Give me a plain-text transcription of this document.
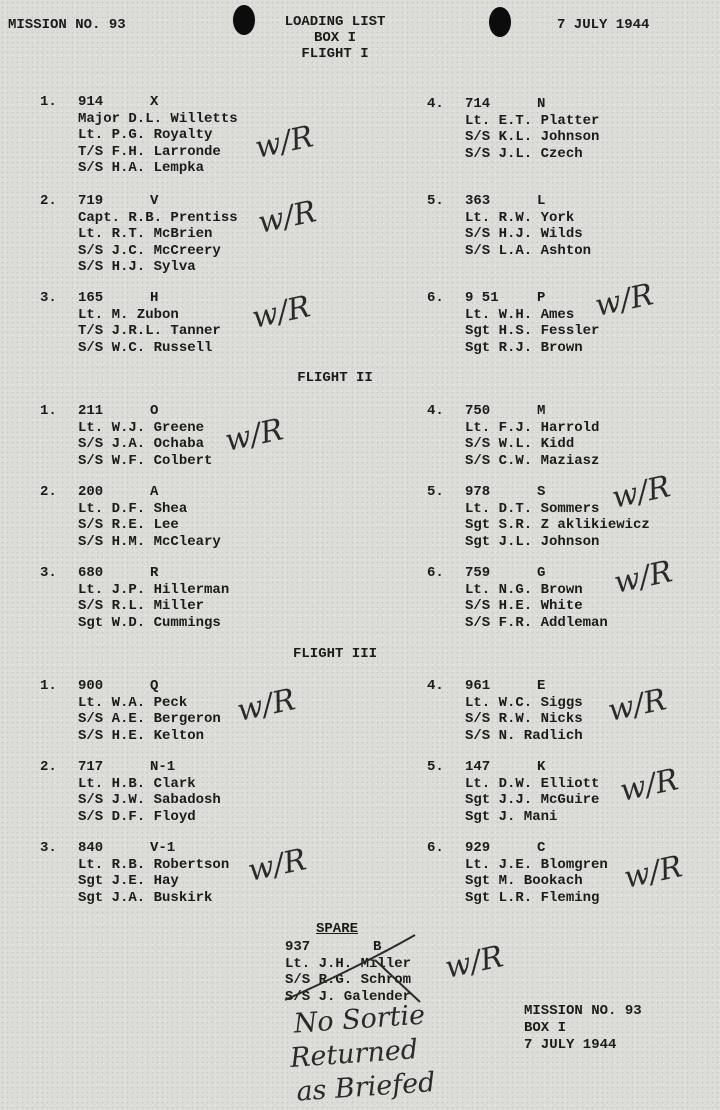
MISSION NO. 93	LOADING LIST
BOX I
7 JULY 1944
FLIGHT I
FLIGHT II
FLIGHT III
1. 914	X
Major D.L. Willetts
Lt. P.G. Royalty
T/S F.H. Larronde
S/S H.A. Lempka
4. 714	N
Lt. E.T. Platter
S/S K.L. Johnson
S/S J.L. Czech
2. 719	V
Capt. R.B. Prentiss
Lt. R.T. McBrien
S/S J.C. McCreery
S/S H.J. Sylva
5. 363	L
Lt. R.W. York
S/S H.J. Wilds
S/S L.A. Ashton
3. 165	H
Lt. M. Zubon
T/S J.R.L. Tanner
S/S W.C. Russell
6. 9 51	P
Lt. W.H. Ames
Sgt H.S. Fessler
Sgt R.J. Brown
1. 211	O
Lt. W.J. Greene
S/S J.A. Ochaba
S/S W.F. Colbert
4. 750	M
Lt. F.J. Harrold
S/S W.L. Kidd
S/S C.W. Maziasz
2. 200	A
Lt. D.F. Shea
S/S R.E. Lee
S/S H.M. McCleary
5. 978	S
Lt. D.T. Sommers
Sgt S.R. Z aklikiewicz
Sgt J.L. Johnson
3. 680	R
Lt. J.P. Hillerman
S/S R.L. Miller
Sgt W.D. Cummings
6. 759	G
Lt. N.G. Brown
S/S H.E. White
S/S F.R. Addleman
1. 900	Q
Lt. W.A. Peck
S/S A.E. Bergeron
S/S H.E. Kelton
4. 961	E
Lt. W.C. Siggs
S/S R.W. Nicks
S/S N. Radlich
2. 717	N-1
Lt. H.B. Clark
S/S J.W. Sabadosh
S/S D.F. Floyd
5. 147	K
Lt. D.W. Elliott
Sgt J.J. McGuire
Sgt J. Mani
3. 840	V-1
Lt. R.B. Robertson
Sgt J.E. Hay
Sgt J.A. Buskirk
6. 929	C
Lt. J.E. Blomgren
Sgt M. Bookach
Sgt L.R. Fleming
SPARE
937	B
Lt. J.H. Miller
S/S R.G. Schrom
S/S J. Galender
MISSION NO. 93
BOX I
7 JULY 1944
w/R
w/R
w/R	w/R
w/R
w/R
w/R
w/R	w/R
w/R
w/R	w/R
w/R
No Sortie
Returned
as Briefed
